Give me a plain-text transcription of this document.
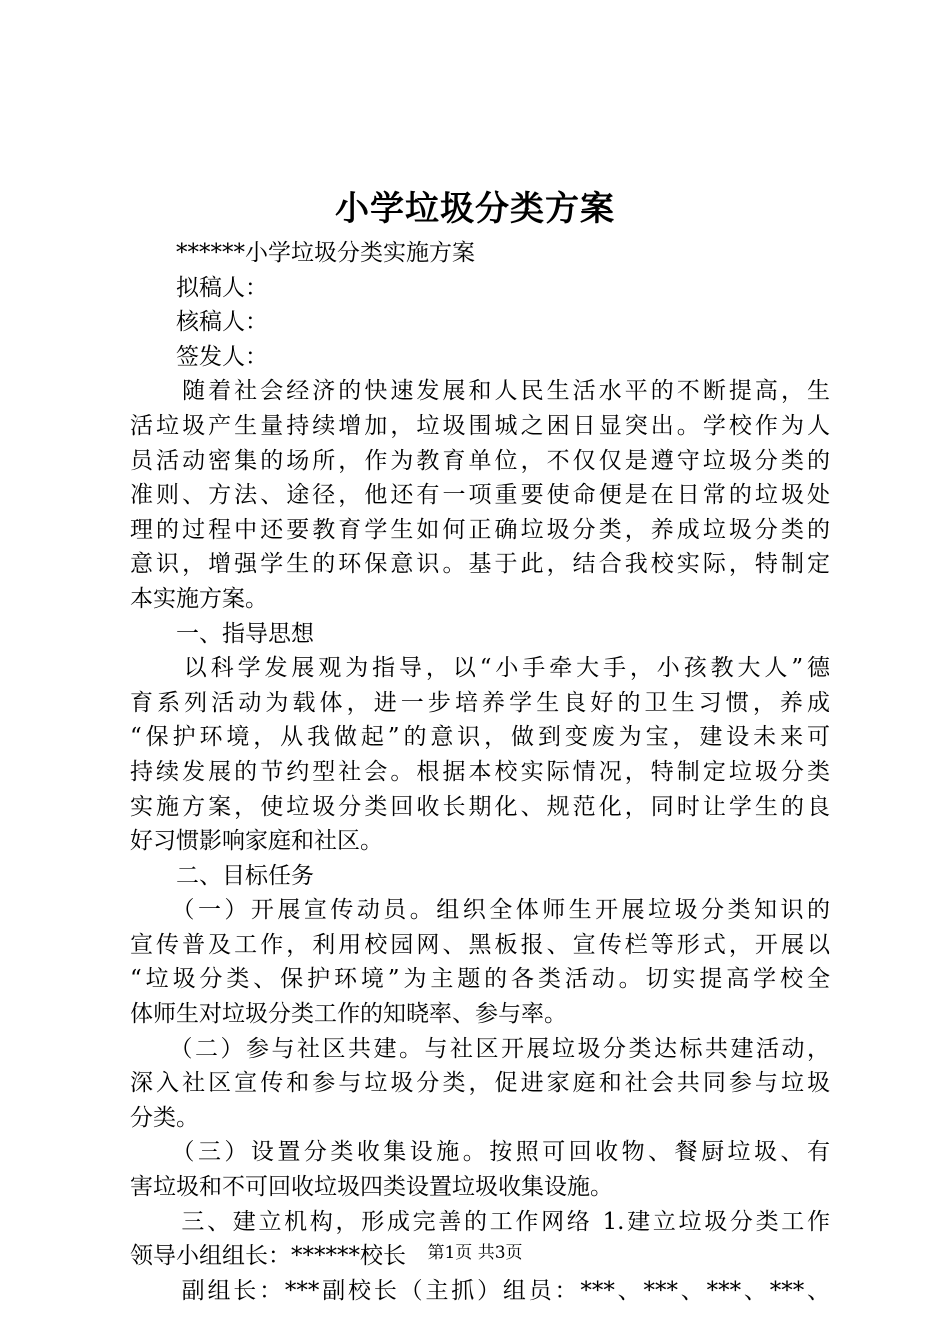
小学垃圾分类方案
　　******小学垃圾分类实施方案
　　拟稿人：
　　核稿人：
　　签发人：
　　随着社会经济的快速发展和人民生活水平的不断提高，生
活垃圾产生量持续增加，垃圾围城之困日显突出。学校作为人
员活动密集的场所，作为教育单位，不仅仅是遵守垃圾分类的
准则、方法、途径，他还有一项重要使命便是在日常的垃圾处
理的过程中还要教育学生如何正确垃圾分类，养成垃圾分类的
意识，增强学生的环保意识。基于此，结合我校实际，特制定
本实施方案。
　　一、指导思想
　　以科学发展观为指导，以“小手牵大手，小孩教大人”德
育系列活动为载体，进一步培养学生良好的卫生习惯，养成
“保护环境，从我做起”的意识，做到变废为宝，建设未来可
持续发展的节约型社会。根据本校实际情况，特制定垃圾分类
实施方案，使垃圾分类回收长期化、规范化，同时让学生的良
好习惯影响家庭和社区。
　　二、目标任务
　　（一）开展宣传动员。组织全体师生开展垃圾分类知识的
宣传普及工作，利用校园网、黑板报、宣传栏等形式，开展以
“垃圾分类、保护环境”为主题的各类活动。切实提高学校全
体师生对垃圾分类工作的知晓率、参与率。
　　（二）参与社区共建。与社区开展垃圾分类达标共建活动，
深入社区宣传和参与垃圾分类，促进家庭和社会共同参与垃圾
分类。
　　（三）设置分类收集设施。按照可回收物、餐厨垃圾、有
害垃圾和不可回收垃圾四类设置垃圾收集设施。
　　三、建立机构，形成完善的工作网络 1.建立垃圾分类工作
领导小组组长：******校长
　　副组长：***副校长（主抓）组员：***、***、***、***、
第1页 共3页
